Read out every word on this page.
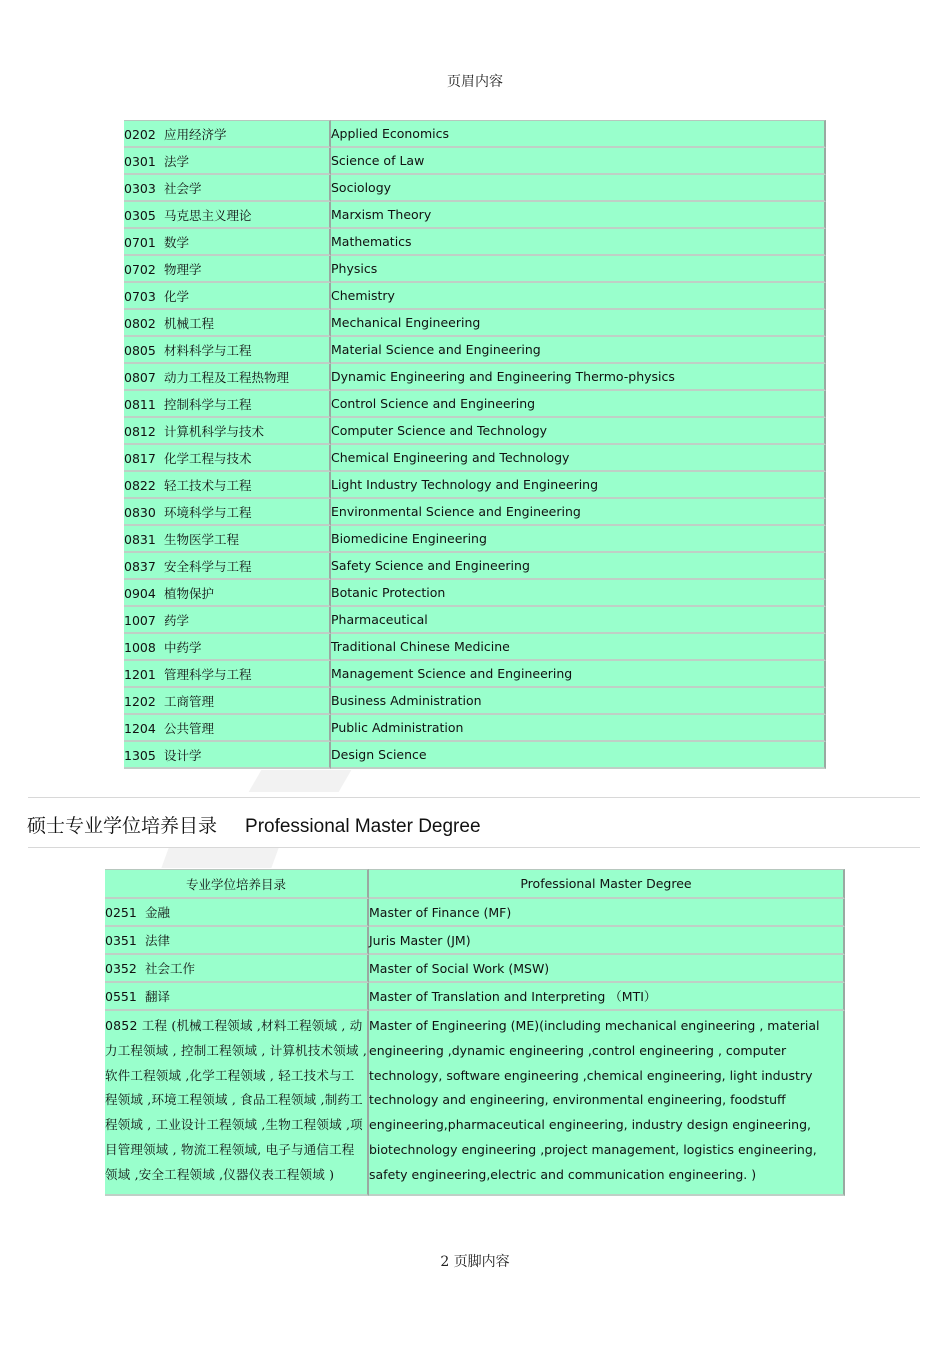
页眉内容
0202 应用经济学	Applied Economics
0301 法学	Science of Law
0303 社会学	Sociology
0305 马克思主义理论	Marxism Theory
0701 数学	Mathematics
0702 物理学	Physics
0703 化学	Chemistry
0802 机械工程	Mechanical Engineering
0805 材料科学与工程	Material Science and Engineering
0807 动力工程及工程热物理	Dynamic Engineering and Engineering Thermo-physics
0811 控制科学与工程	Control Science and Engineering
0812 计算机科学与技术	Computer Science and Technology
0817 化学工程与技术	Chemical Engineering and Technology
0822 轻工技术与工程	Light Industry Technology and Engineering
0830 环境科学与工程	Environmental Science and Engineering
0831 生物医学工程	Biomedicine Engineering
0837 安全科学与工程	Safety Science and Engineering
0904 植物保护	Botanic Protection
1007 药学	Pharmaceutical
1008 中药学	Traditional Chinese Medicine
1201 管理科学与工程	Management Science and Engineering
1202 工商管理	Business Administration
1204 公共管理	Public Administration
1305 设计学	Design Science
硕士专业学位培养目录 Professional Master Degree
专业学位培养目录	Professional Master Degree
0251 金融	Master of Finance (MF)
0351 法律	Juris Master (JM)
0352 社会工作	Master of Social Work (MSW)
0551 翻译	Master of Translation and Interpreting （MTI）
0852 工程 (机械工程领域 ,材料工程领域 , 动力工程领域 , 控制工程领域 , 计算机技术领域 , 软件工程领域 ,化学工程领域 , 轻工技术与工程领域 ,环境工程领域 , 食品工程领域 ,制药工程领域 , 工业设计工程领域 ,生物工程领域 ,项目管理领域 , 物流工程领域, 电子与通信工程领域 ,安全工程领域 ,仪器仪表工程领域 )	Master of Engineering (ME)(including mechanical engineering , material engineering ,dynamic engineering ,control engineering , computer technology, software engineering ,chemical engineering, light industry technology and engineering, environmental engineering, foodstuff engineering,pharmaceutical engineering, industry design engineering, biotechnology engineering ,project management, logistics engineering, safety engineering,electric and communication engineering. )
2 页脚内容
